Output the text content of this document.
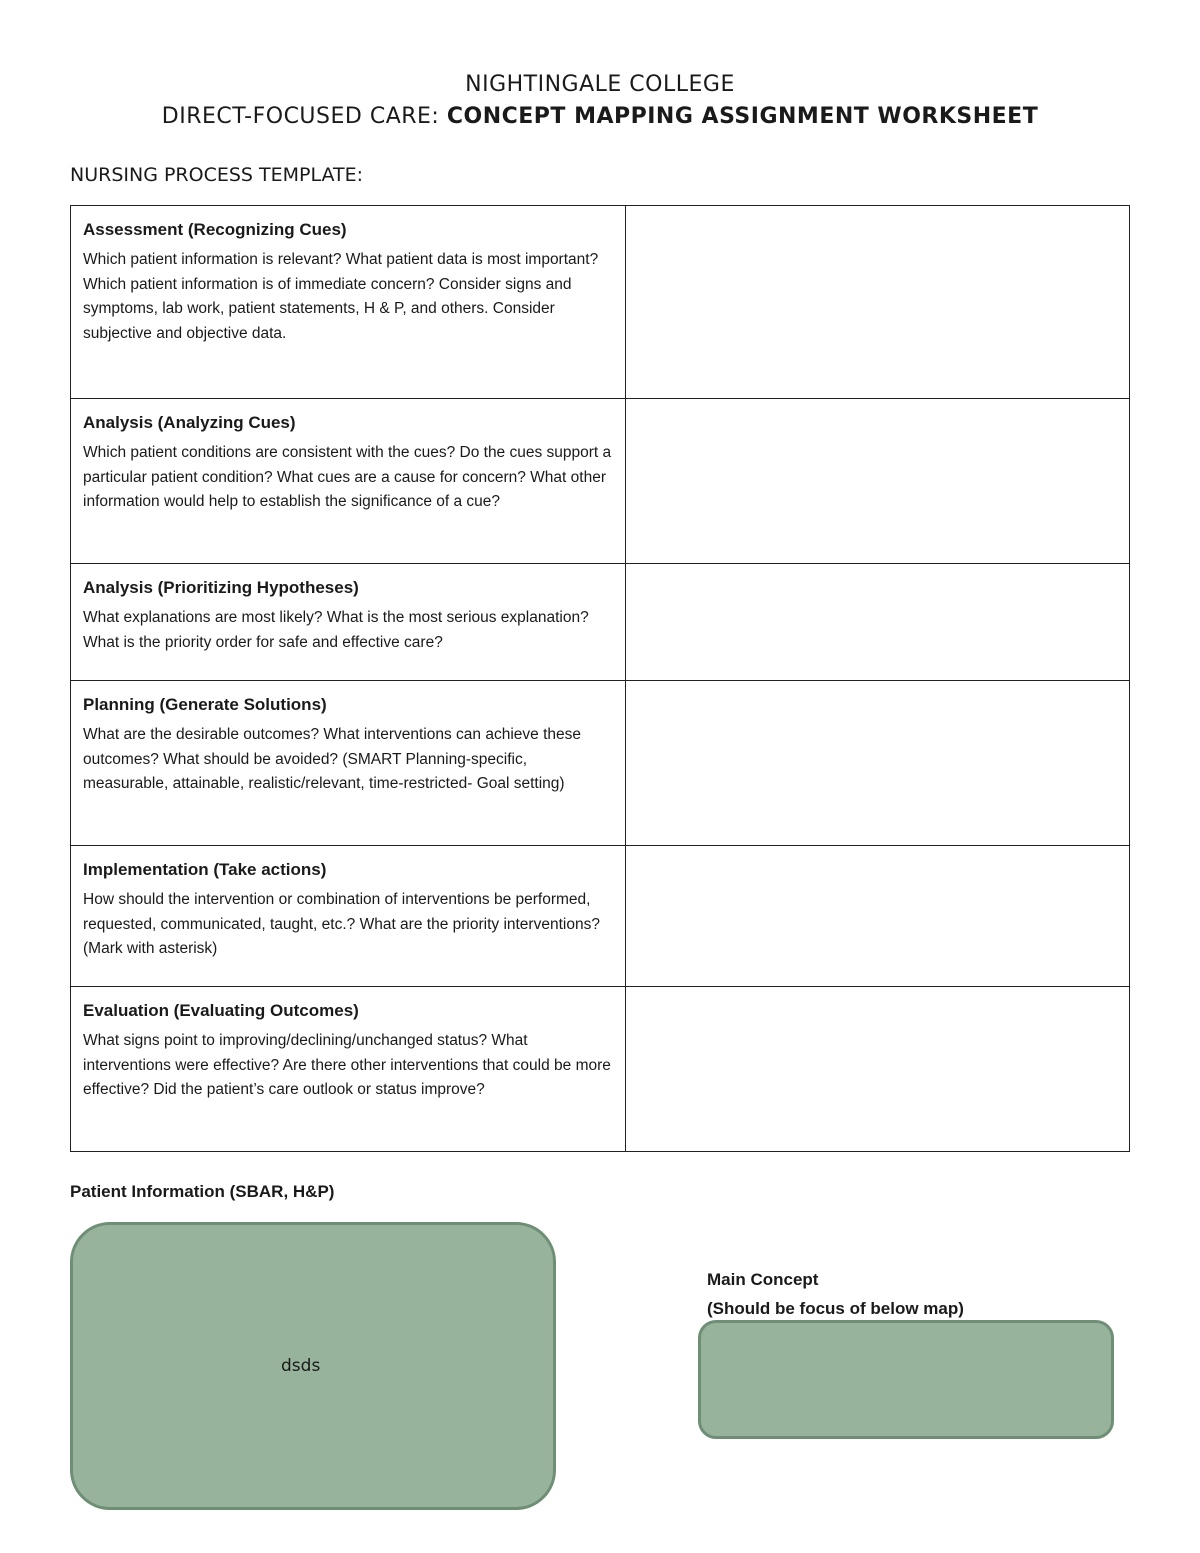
NIGHTINGALE COLLEGE
DIRECT-FOCUSED CARE: CONCEPT MAPPING ASSIGNMENT WORKSHEET
NURSING PROCESS TEMPLATE:
Assessment (Recognizing Cues)
Which patient information is relevant? What patient data is most important? Which patient information is of immediate concern? Consider signs and symptoms, lab work, patient statements, H & P, and others. Consider subjective and objective data.	

Analysis (Analyzing Cues)
Which patient conditions are consistent with the cues? Do the cues support a particular patient condition? What cues are a cause for concern? What other information would help to establish the significance of a cue?	

Analysis (Prioritizing Hypotheses)
What explanations are most likely? What is the most serious explanation? What is the priority order for safe and effective care?	

Planning (Generate Solutions)
What are the desirable outcomes? What interventions can achieve these outcomes? What should be avoided? (SMART Planning-specific, measurable, attainable, realistic/relevant, time-restricted- Goal setting)	

Implementation (Take actions)
How should the intervention or combination of interventions be performed, requested, communicated, taught, etc.? What are the priority interventions? (Mark with asterisk)	

Evaluation (Evaluating Outcomes)
What signs point to improving/declining/unchanged status? What interventions were effective? Are there other interventions that could be more effective? Did the patient’s care outlook or status improve?	

Patient Information (SBAR, H&P)
dsds
Main Concept
(Should be focus of below map)
